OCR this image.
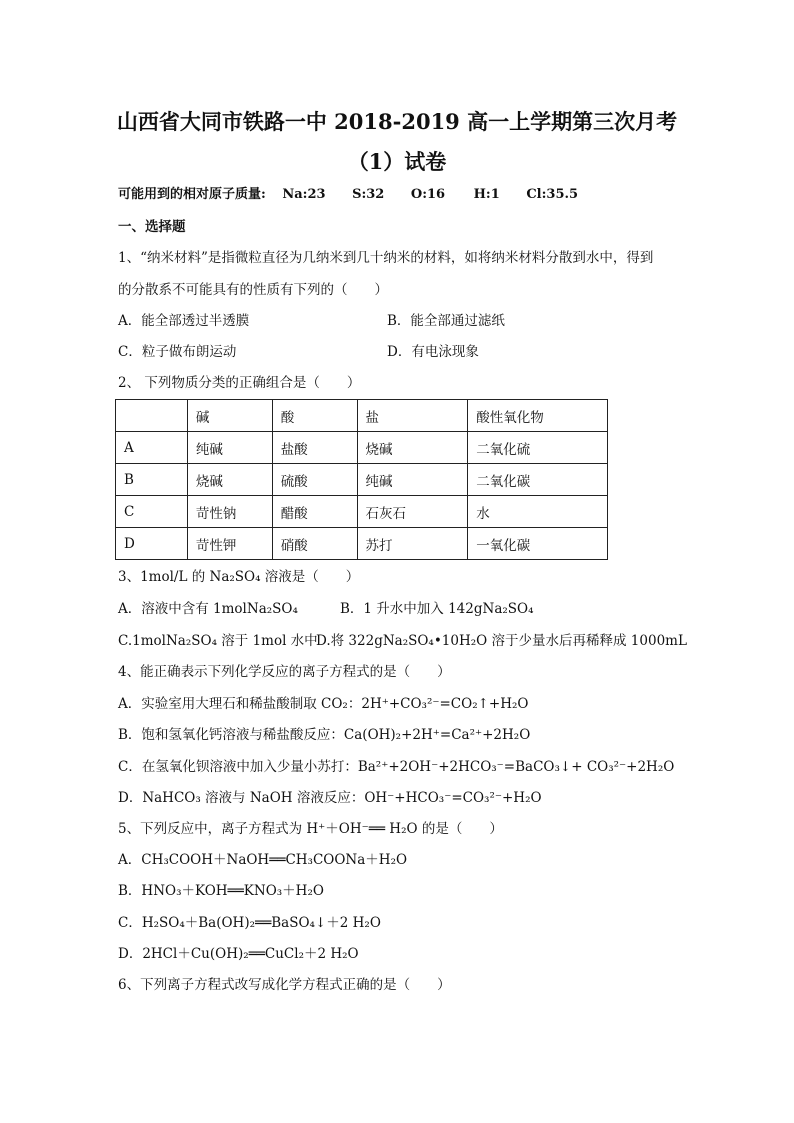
山西省大同市铁路一中 2018-2019 高一上学期第三次月考
（1）试卷
可能用到的相对原子质量: Na:23 S:32 O:16 H:1 Cl:35.5
一、选择题
1、“纳米材料”是指微粒直径为几纳米到几十纳米的材料，如将纳米材料分散到水中，得到
的分散系不可能具有的性质有下列的（　　）
A．能全部透过半透膜	B．能全部通过滤纸
C．粒子做布朗运动	D．有电泳现象
2、 下列物质分类的正确组合是（　　）
	碱	酸	盐	酸性氧化物
A	纯碱	盐酸	烧碱	二氧化硫
B	烧碱	硫酸	纯碱	二氧化碳
C	苛性钠	醋酸	石灰石	水
D	苛性钾	硝酸	苏打	一氧化碳
3、1mol/L 的 Na₂SO₄ 溶液是（　　）
A．溶液中含有 1molNa₂SO₄	B．1 升水中加入 142gNa₂SO₄
C.1molNa₂SO₄ 溶于 1mol 水中
D.将 322gNa₂SO₄•10H₂O 溶于少量水后再稀释成 1000mL
4、能正确表示下列化学反应的离子方程式的是（　　）
A．实验室用大理石和稀盐酸制取 CO₂：2H⁺+CO₃²⁻=CO₂↑+H₂O
B．饱和氢氧化钙溶液与稀盐酸反应：Ca(OH)₂+2H⁺=Ca²⁺+2H₂O
C．在氢氧化钡溶液中加入少量小苏打：Ba²⁺+2OH⁻+2HCO₃⁻=BaCO₃↓+ CO₃²⁻+2H₂O
D．NaHCO₃ 溶液与 NaOH 溶液反应：OH⁻+HCO₃⁻=CO₃²⁻+H₂O
5、下列反应中，离子方程式为 H⁺＋OH⁻══ H₂O 的是（　　）
A．CH₃COOH＋NaOH══CH₃COONa＋H₂O
B．HNO₃＋KOH══KNO₃＋H₂O
C．H₂SO₄＋Ba(OH)₂══BaSO₄↓＋2 H₂O
D．2HCl＋Cu(OH)₂══CuCl₂＋2 H₂O
6、下列离子方程式改写成化学方程式正确的是（　　）
